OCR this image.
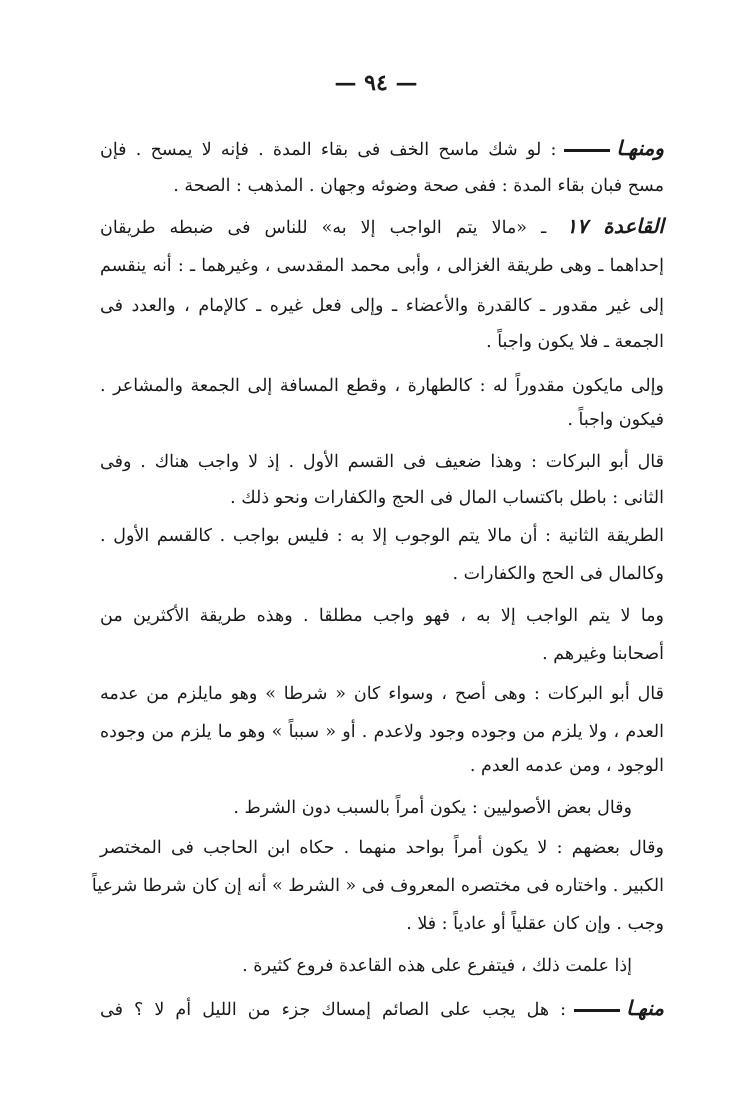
— ٩٤ —
ومنهـا: لو شك ماسح الخف فى بقاء المدة . فإنه لا يمسح . فإن
مسح فبان بقاء المدة : ففى صحة وضوئه وجهان . المذهب : الصحة .
القاعدة ١٧ ـ «مالا يتم الواجب إلا به» للناس فى ضبطه طريقان
إحداهما ـ وهى طريقة الغزالى ، وأبى محمد المقدسى ، وغيرهما ـ : أنه ينقسم
إلى غير مقدور ـ كالقدرة والأعضاء ـ وإلى فعل غيره ـ كالإمام ، والعدد فى
الجمعة ـ فلا يكون واجباً .
وإلى مايكون مقدوراً له : كالطهارة ، وقطع المسافة إلى الجمعة والمشاعر .
فيكون واجباً .
قال أبو البركات : وهذا ضعيف فى القسم الأول . إذ لا واجب هناك . وفى
الثانى : باطل باكتساب المال فى الحج والكفارات ونحو ذلك .
الطريقة الثانية : أن مالا يتم الوجوب إلا به : فليس بواجب . كالقسم الأول .
وكالمال فى الحج والكفارات .
وما لا يتم الواجب إلا به ، فهو واجب مطلقا . وهذه طريقة الأكثرين من
أصحابنا وغيرهم .
قال أبو البركات : وهى أصح ، وسواء كان « شرطا » وهو مايلزم من عدمه
العدم ، ولا يلزم من وجوده وجود ولاعدم . أو « سبباً » وهو ما يلزم من وجوده
الوجود ، ومن عدمه العدم .
وقال بعض الأصوليين : يكون أمراً بالسبب دون الشرط .
وقال بعضهم : لا يكون أمراً بواحد منهما . حكاه ابن الحاجب فى المختصر
الكبير . واختاره فى مختصره المعروف فى « الشرط » أنه إن كان شرطا شرعياً
وجب . وإن كان عقلياً أو عادياً : فلا .
إذا علمت ذلك ، فيتفرع على هذه القاعدة فروع كثيرة .
منهـا: هل يجب على الصائم إمساك جزء من الليل أم لا ؟ فى
